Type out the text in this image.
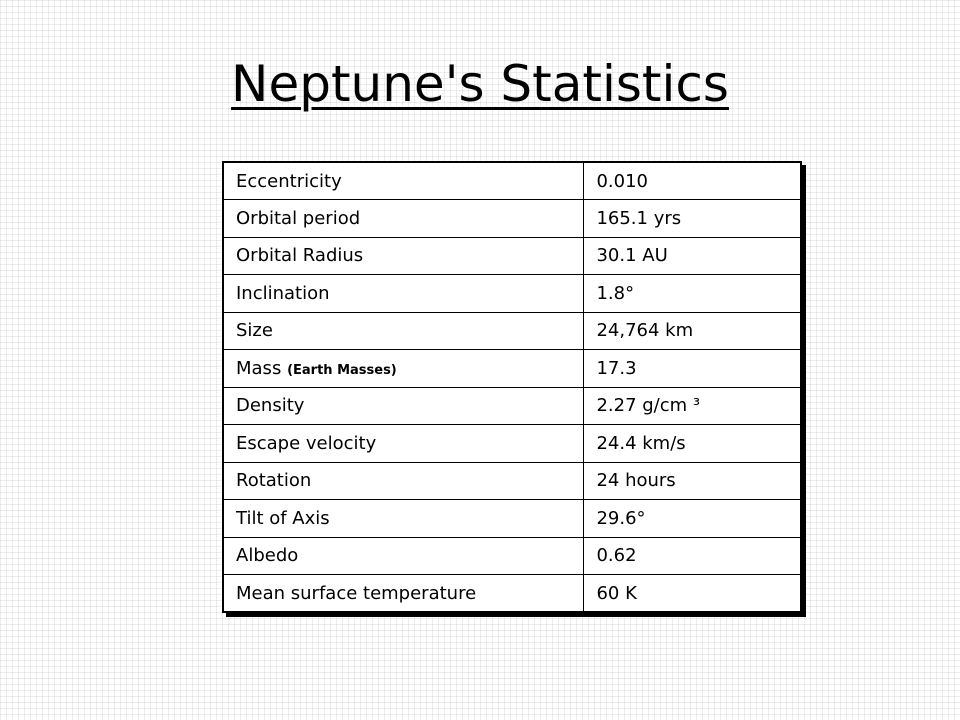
Neptune's Statistics
Eccentricity	0.010
Orbital period	165.1 yrs
Orbital Radius	30.1 AU
Inclination	1.8°
Size	24,764 km
Mass (Earth Masses)	17.3
Density	2.27 g/cm ³
Escape velocity	24.4 km/s
Rotation	24 hours
Tilt of Axis	29.6°
Albedo	0.62
Mean surface temperature	60 K
